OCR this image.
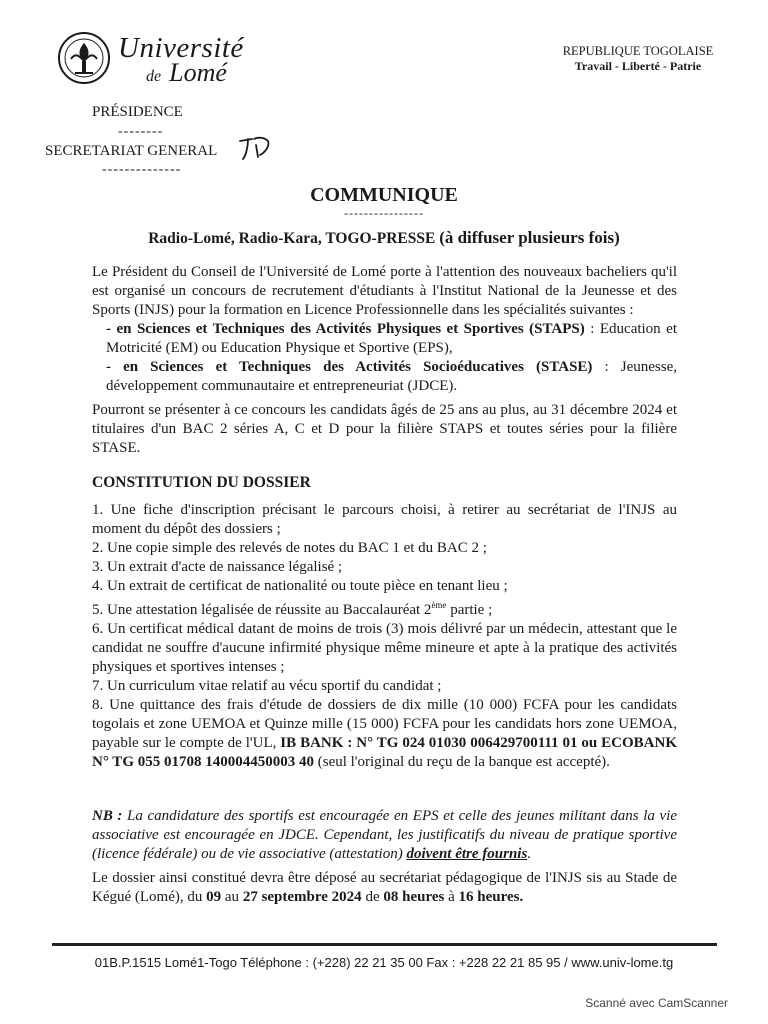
Université
de Lomé
REPUBLIQUE TOGOLAISE
Travail - Liberté - Patrie
PRÉSIDENCE
--------
SECRETARIAT GENERAL
--------------
COMMUNIQUE
----------------
Radio-Lomé, Radio-Kara, TOGO-PRESSE (à diffuser plusieurs fois)
Le Président du Conseil de l'Université de Lomé porte à l'attention des nouveaux bacheliers qu'il est organisé un concours de recrutement d'étudiants à l'Institut National de la Jeunesse et des Sports (INJS) pour la formation en Licence Professionnelle dans les spécialités suivantes :
- en Sciences et Techniques des Activités Physiques et Sportives (STAPS) : Education et Motricité (EM) ou Education Physique et Sportive (EPS),
- en Sciences et Techniques des Activités Socioéducatives (STASE) : Jeunesse, développement communautaire et entrepreneuriat (JDCE).
Pourront se présenter à ce concours les candidats âgés de 25 ans au plus, au 31 décembre 2024 et titulaires d'un BAC 2 séries A, C et D pour la filière STAPS et toutes séries pour la filière STASE.
CONSTITUTION DU DOSSIER
1. Une fiche d'inscription précisant le parcours choisi, à retirer au secrétariat de l'INJS au moment du dépôt des dossiers ;
2. Une copie simple des relevés de notes du BAC 1 et du BAC 2 ;
3. Un extrait d'acte de naissance légalisé ;
4. Un extrait de certificat de nationalité ou toute pièce en tenant lieu ;
5. Une attestation légalisée de réussite au Baccalauréat 2ème partie ;
6. Un certificat médical datant de moins de trois (3) mois délivré par un médecin, attestant que le candidat ne souffre d'aucune infirmité physique même mineure et apte à la pratique des activités physiques et sportives intenses ;
7. Un curriculum vitae relatif au vécu sportif du candidat ;
8. Une quittance des frais d'étude de dossiers de dix mille (10 000) FCFA pour les candidats togolais et zone UEMOA et Quinze mille (15 000) FCFA pour les candidats hors zone UEMOA, payable sur le compte de l'UL, IB BANK : N° TG 024 01030 006429700111 01 ou ECOBANK N° TG 055 01708 140004450003 40 (seul l'original du reçu de la banque est accepté).
NB : La candidature des sportifs est encouragée en EPS et celle des jeunes militant dans la vie associative est encouragée en JDCE. Cependant, les justificatifs du niveau de pratique sportive (licence fédérale) ou de vie associative (attestation) doivent être fournis.
Le dossier ainsi constitué devra être déposé au secrétariat pédagogique de l'INJS sis au Stade de Kégué (Lomé), du 09 au 27 septembre 2024 de 08 heures à 16 heures.
01B.P.1515 Lomé1-Togo Téléphone : (+228) 22 21 35 00 Fax : +228 22 21 85 95 / www.univ-lome.tg
Scanné avec CamScanner
